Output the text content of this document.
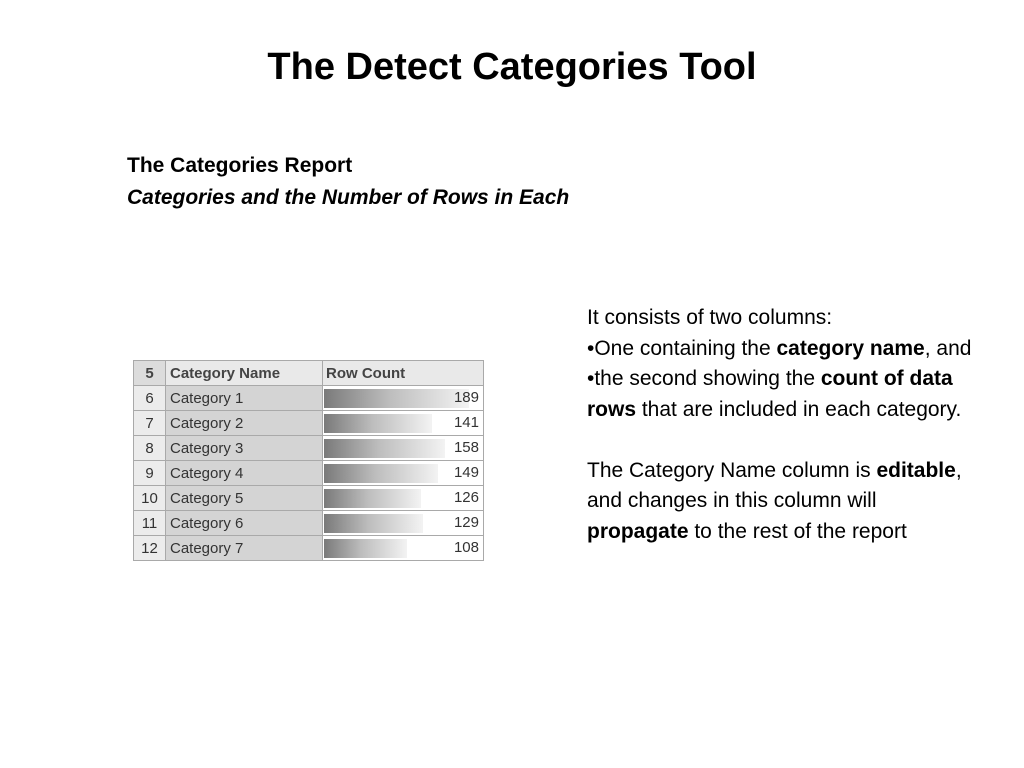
The Detect Categories Tool
The Categories Report
Categories and the Number of Rows in Each
5	Category Name	Row Count
6	Category 1	189

7	Category 2	141

8	Category 3	158

9	Category 4	149

10	Category 5	126

11	Category 6	129

12	Category 7	108

It consists of two columns:

•One containing the category name, and

•the second showing the count of data rows that are included in each category.

The Category Name column is editable, and changes in this column will propagate to the rest of the report
